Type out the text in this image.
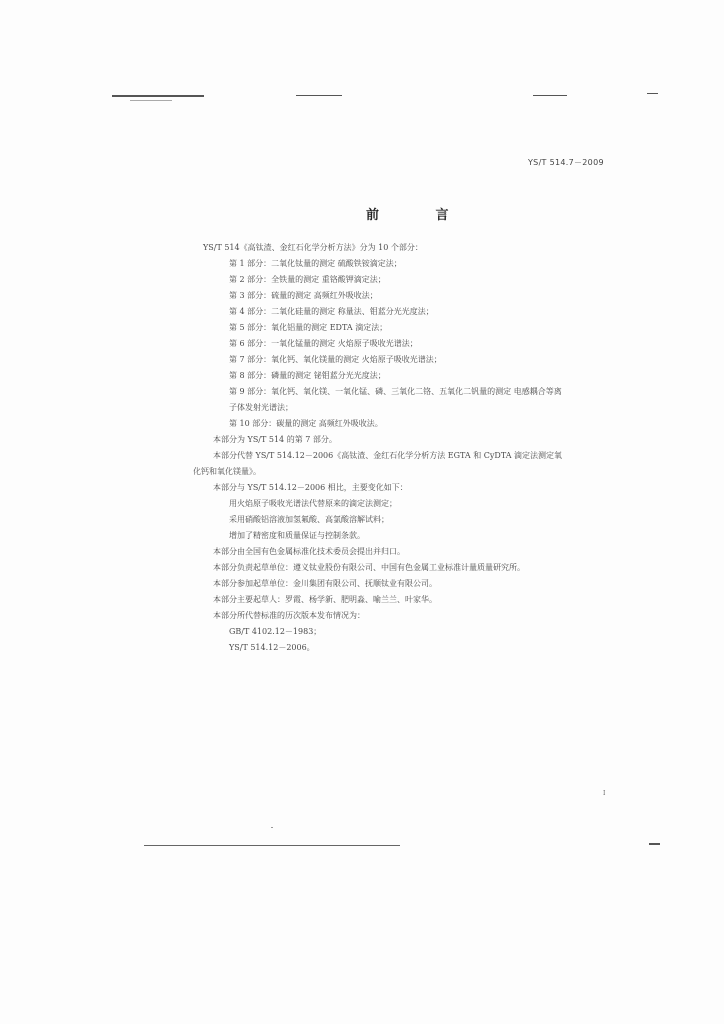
YS/T 514.7－2009
前 言
YS/T 514《高钛渣、金红石化学分析方法》分为 10 个部分：
第 1 部分：二氧化钛量的测定 硫酸铁铵滴定法；
第 2 部分：全铁量的测定 重铬酸钾滴定法；
第 3 部分：硫量的测定 高频红外吸收法；
第 4 部分：二氧化硅量的测定 称量法、钼蓝分光光度法；
第 5 部分：氧化铝量的测定 EDTA 滴定法；
第 6 部分：一氧化锰量的测定 火焰原子吸收光谱法；
第 7 部分：氧化钙、氧化镁量的测定 火焰原子吸收光谱法；
第 8 部分：磷量的测定 铋钼蓝分光光度法；
第 9 部分：氧化钙、氧化镁、一氧化锰、磷、三氧化二铬、五氧化二钒量的测定 电感耦合等离
子体发射光谱法；
第 10 部分：碳量的测定 高频红外吸收法。
本部分为 YS/T 514 的第 7 部分。
本部分代替 YS/T 514.12－2006《高钛渣、金红石化学分析方法 EGTA 和 CyDTA 滴定法测定氧
化钙和氧化镁量》。
本部分与 YS/T 514.12－2006 相比，主要变化如下：
用火焰原子吸收光谱法代替原来的滴定法测定；
采用硝酸铝溶液加氢氟酸、高氯酸溶解试料；
增加了精密度和质量保证与控制条款。
本部分由全国有色金属标准化技术委员会提出并归口。
本部分负责起草单位：遵义钛业股份有限公司、中国有色金属工业标准计量质量研究所。
本部分参加起草单位：金川集团有限公司、抚顺钛业有限公司。
本部分主要起草人：罗霞、杨学新、肥明淼、喻兰兰、叶家华。
本部分所代替标准的历次版本发布情况为：
GB/T 4102.12－1983；
YS/T 514.12－2006。
I
